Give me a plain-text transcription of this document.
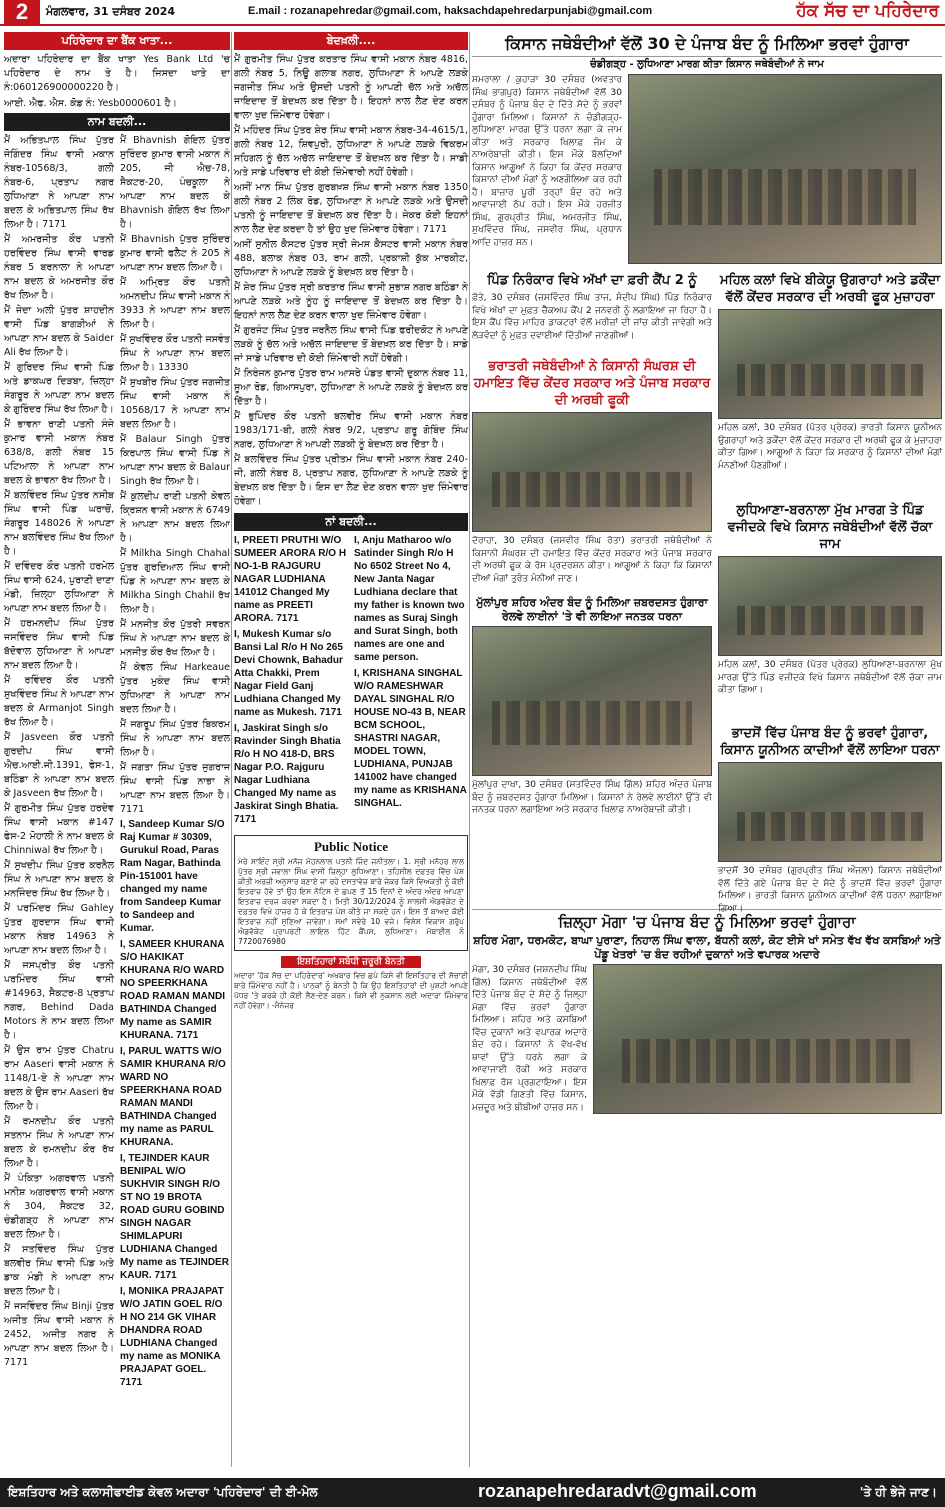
2	ਮੰਗਲਵਾਰ, 31 ਦਸੰਬਰ 2024	E.mail : rozanapehredar@gmail.com, haksachdapehredarpunjabi@gmail.com	ਹੱਕ ਸੱਚ ਦਾ ਪਹਿਰੇਦਾਰ
ਪਹਿਰੇਦਾਰ ਦਾ ਬੈਂਕ ਖਾਤਾ...

ਅਦਾਰਾ ਪਹਿਰੇਦਾਰ ਦਾ ਬੈਂਕ ਖਾਤਾ Yes Bank Ltd 'ਚ ਪਹਿਰੇਦਾਰ ਦੇ ਨਾਮ ਤੇ ਹੈ। ਜਿਸਦਾ ਖਾਤੇ ਦਾ ਨੰ:060126900000220 ਹੈ।

ਆਈ. ਐਫ. ਐਸ. ਕੋਡ ਨੰ: Yesb0000601 ਹੈ।

ਨਾਮ ਬਦਲੀ...

ਮੈਂ ਅਭਿਤਪਾਲ ਸਿੰਘ ਪੁੱਤਰ ਜੋਗਿੰਦਰ ਸਿੰਘ ਵਾਸੀ ਮਕਾਨ ਨੰਬਰ-10568/3, ਗਲੀ ਨੰਬਰ-6, ਪ੍ਰਤਾਪ ਨਗਰ ਲੁਧਿਆਣਾ ਨੇ ਆਪਣਾ ਨਾਮ ਬਦਲ ਕੇ ਅਭਿਤਪਾਲ ਸਿੰਘ ਰੱਖ ਲਿਆ ਹੈ। 7171

ਮੈਂ ਅਮਰਜੀਤ ਕੌਰ ਪਤਨੀ ਹਰਵਿੰਦਰ ਸਿੰਘ ਵਾਸੀ ਵਾਰਡ ਨੰਬਰ 5 ਬਰਨਾਲਾ ਨੇ ਆਪਣਾ ਨਾਮ ਬਦਲ ਕੇ ਅਮਰਜੀਤ ਕੌਰ ਰੱਖ ਲਿਆ ਹੈ।

ਮੈਂ ਜੇਦਾ ਅਲੀ ਪੁੱਤਰ ਸ਼ਾਹਦੀਨ ਵਾਸੀ ਪਿੰਡ ਬਾਗੜੀਆਂ ਨੇ ਆਪਣਾ ਨਾਮ ਬਦਲ ਕੇ Saider Ali ਰੱਖ ਲਿਆ ਹੈ।

ਮੈਂ ਗੁਰਿਦਰ ਸਿੰਘ ਵਾਸੀ ਪਿੰਡ ਅਤੇ ਡਾਕਘਰ ਦਿੜਬਾ, ਜ਼ਿਲ੍ਹਾ ਸੰਗਰੂਰ ਨੇ ਆਪਣਾ ਨਾਮ ਬਦਲ ਕੇ ਗੁਰਿੰਦਰ ਸਿੰਘ ਰੱਖ ਲਿਆ ਹੈ।

ਮੈਂ ਭਾਵਨਾ ਰਾਣੀ ਪਤਨੀ ਸੰਜੇ ਕੁਮਾਰ ਵਾਸੀ ਮਕਾਨ ਨੰਬਰ 638/8, ਗਲੀ ਨੰਬਰ 15 ਪਟਿਆਲਾ ਨੇ ਆਪਣਾ ਨਾਮ ਬਦਲ ਕੇ ਭਾਵਨਾ ਰੱਖ ਲਿਆ ਹੈ।

ਮੈਂ ਬਲਵਿੰਦਰ ਸਿੰਘ ਪੁੱਤਰ ਨਸੀਬ ਸਿੰਘ ਵਾਸੀ ਪਿੰਡ ਘਰਾਚੋਂ, ਸੰਗਰੂਰ 148026 ਨੇ ਆਪਣਾ ਨਾਮ ਬਲਵਿੰਦਰ ਸਿੰਘ ਰੱਖ ਲਿਆ ਹੈ।

ਮੈਂ ਦਵਿੰਦਰ ਕੌਰ ਪਤਨੀ ਹਰਮੇਲ ਸਿੰਘ ਵਾਸੀ 624, ਪੁਰਾਣੀ ਦਾਣਾ ਮੰਡੀ, ਜ਼ਿਲ੍ਹਾ ਲੁਧਿਆਣਾ ਨੇ ਆਪਣਾ ਨਾਮ ਬਦਲ ਲਿਆ ਹੈ।

ਮੈਂ ਹਰਮਨਦੀਪ ਸਿੰਘ ਪੁੱਤਰ ਜਸਵਿੰਦਰ ਸਿੰਘ ਵਾਸੀ ਪਿੰਡ ਬੱਦੋਵਾਲ ਲੁਧਿਆਣਾ ਨੇ ਆਪਣਾ ਨਾਮ ਬਦਲ ਲਿਆ ਹੈ।

ਮੈਂ ਰਵਿੰਦਰ ਕੌਰ ਪਤਨੀ ਸੁਖਵਿੰਦਰ ਸਿੰਘ ਨੇ ਆਪਣਾ ਨਾਮ ਬਦਲ ਕੇ Armanjot Singh ਰੱਖ ਲਿਆ ਹੈ।

ਮੈਂ Jasveen ਕੌਰ ਪਤਨੀ ਗੁਰਦੀਪ ਸਿੰਘ ਵਾਸੀ ਐਚ.ਆਈ.ਜੀ.1391, ਫੇਸ-1, ਬਠਿੰਡਾ ਨੇ ਆਪਣਾ ਨਾਮ ਬਦਲ ਕੇ Jasveen ਰੱਖ ਲਿਆ ਹੈ।

ਮੈਂ ਗੁਰਮੀਤ ਸਿੰਘ ਪੁੱਤਰ ਹਰਦੇਵ ਸਿੰਘ ਵਾਸੀ ਮਕਾਨ #147 ਫੇਸ-2 ਮੋਹਾਲੀ ਨੇ ਨਾਮ ਬਦਲ ਕੇ Chinniwal ਰੱਖ ਲਿਆ ਹੈ।

ਮੈਂ ਸੁਖਦੀਪ ਸਿੰਘ ਪੁੱਤਰ ਕਰਨੈਲ ਸਿੰਘ ਨੇ ਆਪਣਾ ਨਾਮ ਬਦਲ ਕੇ ਮਨਜਿੰਦਰ ਸਿੰਘ ਰੱਖ ਲਿਆ ਹੈ।

ਮੈਂ ਪਰਮਿੰਦਰ ਸਿੰਘ Gahley ਪੁੱਤਰ ਗੁਰਦਾਸ ਸਿੰਘ ਵਾਸੀ ਮਕਾਨ ਨੰਬਰ 14963 ਨੇ ਆਪਣਾ ਨਾਮ ਬਦਲ ਲਿਆ ਹੈ।

ਮੈਂ ਜਸਪ੍ਰੀਤ ਕੌਰ ਪਤਨੀ ਪਰਮਿੰਦਰ ਸਿੰਘ ਵਾਸੀ #14963, ਸੈਕਟਰ-8 ਪ੍ਰਤਾਪ ਨਗਰ, Behind Dada Motors ਨੇ ਨਾਮ ਬਦਲ ਲਿਆ ਹੈ।

ਮੈਂ ਉਸ ਰਾਮ ਪੁੱਤਰ Chatru ਰਾਮ Aaseri ਵਾਸੀ ਮਕਾਨ ਨੰ 1148/1-ਏ ਨੇ ਆਪਣਾ ਨਾਮ ਬਦਲ ਕੇ ਉਸ ਰਾਮ Aaseri ਰੱਖ ਲਿਆ ਹੈ।

ਮੈਂ ਰਮਨਦੀਪ ਕੌਰ ਪਤਨੀ ਸਤਨਾਮ ਸਿੰਘ ਨੇ ਆਪਣਾ ਨਾਮ ਬਦਲ ਕੇ ਰਮਨਦੀਪ ਕੌਰ ਰੱਖ ਲਿਆ ਹੈ।

ਮੈਂ ਪੰਕਿਤਾ ਅਗਰਵਾਲ ਪਤਨੀ ਮਨੀਸ਼ ਅਗਰਵਾਲ ਵਾਸੀ ਮਕਾਨ ਨੰ 304, ਸੈਕਟਰ 32, ਚੰਡੀਗੜ੍ਹ ਨੇ ਆਪਣਾ ਨਾਮ ਬਦਲ ਲਿਆ ਹੈ।

ਮੈਂ ਸਤਵਿੰਦਰ ਸਿੰਘ ਪੁੱਤਰ ਬਲਵੀਰ ਸਿੰਘ ਵਾਸੀ ਪਿੰਡ ਅਤੇ ਡਾਕ ਮੰਡੀ ਨੇ ਆਪਣਾ ਨਾਮ ਬਦਲ ਲਿਆ ਹੈ।

ਮੈਂ ਜਸਵਿੰਦਰ ਸਿੰਘ Binji ਪੁੱਤਰ ਅਜੀਤ ਸਿੰਘ ਵਾਸੀ ਮਕਾਨ ਨੰ 2452, ਅਜੀਤ ਨਗਰ ਨੇ ਆਪਣਾ ਨਾਮ ਬਦਲ ਲਿਆ ਹੈ। 7171

ਮੈਂ Bhavnish ਗੋਇਲ ਪੁੱਤਰ ਸੁਰਿੰਦਰ ਕੁਮਾਰ ਵਾਸੀ ਮਕਾਨ ਨੰ 205, ਜੀ ਐਚ-78, ਸੈਕਟਰ-20, ਪੰਚਕੂਲਾ ਨੇ ਆਪਣਾ ਨਾਮ ਬਦਲ ਕੇ Bhavnish ਗੋਇਲ ਰੱਖ ਲਿਆ ਹੈ।

ਮੈਂ Bhavnish ਪੁੱਤਰ ਸੁਰਿੰਦਰ ਕੁਮਾਰ ਵਾਸੀ ਫਲੈਟ ਨੰ 205 ਨੇ ਆਪਣਾ ਨਾਮ ਬਦਲ ਲਿਆ ਹੈ।

ਮੈਂ ਅਮ੍ਰਿਤ ਕੌਰ ਪਤਨੀ ਅਮਨਦੀਪ ਸਿੰਘ ਵਾਸੀ ਮਕਾਨ ਨੰ 3933 ਨੇ ਆਪਣਾ ਨਾਮ ਬਦਲ ਲਿਆ ਹੈ।

ਮੈਂ ਸੁਖਵਿੰਦਰ ਕੌਰ ਪਤਨੀ ਜਸਵੰਤ ਸਿੰਘ ਨੇ ਆਪਣਾ ਨਾਮ ਬਦਲ ਲਿਆ ਹੈ। 13330

ਮੈਂ ਸੁਖਬੀਰ ਸਿੰਘ ਪੁੱਤਰ ਜਗਜੀਤ ਸਿੰਘ ਵਾਸੀ ਮਕਾਨ ਨੰ 10568/17 ਨੇ ਆਪਣਾ ਨਾਮ ਬਦਲ ਲਿਆ ਹੈ।

ਮੈਂ Balaur Singh ਪੁੱਤਰ ਕਿਰਪਾਲ ਸਿੰਘ ਵਾਸੀ ਪਿੰਡ ਨੇ ਆਪਣਾ ਨਾਮ ਬਦਲ ਕੇ Balaur Singh ਰੱਖ ਲਿਆ ਹੈ।

ਮੈਂ ਕੁਲਦੀਪ ਰਾਣੀ ਪਤਨੀ ਕੇਵਲ ਕ੍ਰਿਸ਼ਨ ਵਾਸੀ ਮਕਾਨ ਨੰ 6749 ਨੇ ਆਪਣਾ ਨਾਮ ਬਦਲ ਲਿਆ ਹੈ।

ਮੈਂ Milkha Singh Chahal ਪੁੱਤਰ ਗੁਰਦਿਆਲ ਸਿੰਘ ਵਾਸੀ ਪਿੰਡ ਨੇ ਆਪਣਾ ਨਾਮ ਬਦਲ ਕੇ Milkha Singh Chahil ਰੱਖ ਲਿਆ ਹੈ।

ਮੈਂ ਮਨਜੀਤ ਕੌਰ ਪੁੱਤਰੀ ਸਵਰਨ ਸਿੰਘ ਨੇ ਆਪਣਾ ਨਾਮ ਬਦਲ ਕੇ ਮਨਜੀਤ ਕੌਰ ਰੱਖ ਲਿਆ ਹੈ।

ਮੈਂ ਕੇਵਲ ਸਿੰਘ Harkeaue ਪੁੱਤਰ ਮੁਕੰਦ ਸਿੰਘ ਵਾਸੀ ਲੁਧਿਆਣਾ ਨੇ ਆਪਣਾ ਨਾਮ ਬਦਲ ਲਿਆ ਹੈ।

ਮੈਂ ਜਗਰੂਪ ਸਿੰਘ ਪੁੱਤਰ ਬਿਕਰਮ ਸਿੰਘ ਨੇ ਆਪਣਾ ਨਾਮ ਬਦਲ ਲਿਆ ਹੈ।

ਮੈਂ ਜਗਤਾ ਸਿੰਘ ਪੁੱਤਰ ਜੁਗਰਾਜ ਸਿੰਘ ਵਾਸੀ ਪਿੰਡ ਨਾਭਾ ਨੇ ਆਪਣਾ ਨਾਮ ਬਦਲ ਲਿਆ ਹੈ। 7171

I, Sandeep Kumar S/O Raj Kumar # 30309, Gurukul Road, Paras Ram Nagar, Bathinda Pin-151001 have changed my name from Sandeep Kumar to Sandeep and Kumar.

I, SAMEER KHURANA S/O HAKIKAT KHURANA R/O WARD NO SPEERKHANA ROAD RAMAN MANDI BATHINDA Changed My name as SAMIR KHURANA. 7171

I, PARUL WATTS W/O SAMIR KHURANA R/O WARD NO SPEERKHANA ROAD RAMAN MANDI BATHINDA Changed my name as PARUL KHURANA.

I, TEJINDER KAUR BENIPAL W/O SUKHVIR SINGH R/O ST NO 19 BROTA ROAD GURU GOBIND SINGH NAGAR SHIMLAPURI LUDHIANA Changed My name as TEJINDER KAUR. 7171

I, MONIKA PRAJAPAT W/O JATIN GOEL R/O H NO 214 GK VIHAR DHANDRA ROAD LUDHIANA Changed my name as MONIKA PRAJAPAT GOEL. 7171

ਬੇਦਖ਼ਲੀ....

ਮੈਂ ਗੁਰਮੀਤ ਸਿੰਘ ਪੁੱਤਰ ਕਰਤਾਰ ਸਿੰਘ ਵਾਸੀ ਮਕਾਨ ਨੰਬਰ 4816, ਗਲੀ ਨੰਬਰ 5, ਨਿਊ ਗਲਾਬ ਨਗਰ, ਲੁਧਿਆਣਾ ਨੇ ਆਪਣੇ ਲੜਕੇ ਜਗਜੀਤ ਸਿੰਘ ਅਤੇ ਉਸਦੀ ਪਤਨੀ ਨੂੰ ਆਪਣੀ ਚੱਲ ਅਤੇ ਅਚੱਲ ਜਾਇਦਾਦ ਤੋਂ ਬੇਦਖ਼ਲ ਕਰ ਦਿੱਤਾ ਹੈ। ਇਹਨਾਂ ਨਾਲ ਲੈਣ ਦੇਣ ਕਰਨ ਵਾਲਾ ਖੁਦ ਜ਼ਿੰਮੇਵਾਰ ਹੋਵੇਗਾ।

ਮੈਂ ਮਹਿੰਦਰ ਸਿੰਘ ਪੁੱਤਰ ਸ਼ੇਰ ਸਿੰਘ ਵਾਸੀ ਮਕਾਨ ਨੰਬਰ-34-4615/1, ਗਲੀ ਨੰਬਰ 12, ਸ਼ਿਵਪੁਰੀ, ਲੁਧਿਆਣਾ ਨੇ ਆਪਣੇ ਲੜਕੇ ਵਿਕਰਮ ਸਹਿਗਲ ਨੂੰ ਚੱਲ ਅਚੱਲ ਜਾਇਦਾਦ ਤੋਂ ਬੇਦਖ਼ਲ ਕਰ ਦਿੱਤਾ ਹੈ। ਸਾਡੀ ਅਤੇ ਸਾਡੇ ਪਰਿਵਾਰ ਦੀ ਕੋਈ ਜ਼ਿੰਮੇਵਾਰੀ ਨਹੀਂ ਹੋਵੇਗੀ।

ਅਸੀਂ ਮਾਨ ਸਿੰਘ ਪੁੱਤਰ ਗੁਰਬਖ਼ਸ਼ ਸਿੰਘ ਵਾਸੀ ਮਕਾਨ ਨੰਬਰ 1350 ਗਲੀ ਨੰਬਰ 2 ਲਿੰਕ ਰੋਡ, ਲੁਧਿਆਣਾ ਨੇ ਆਪਣੇ ਲੜਕੇ ਅਤੇ ਉਸਦੀ ਪਤਨੀ ਨੂੰ ਜਾਇਦਾਦ ਤੋਂ ਬੇਦਖ਼ਲ ਕਰ ਦਿੱਤਾ ਹੈ। ਜੇਕਰ ਕੋਈ ਇਹਨਾਂ ਨਾਲ ਲੈਣ ਦੇਣ ਕਰਦਾ ਹੈ ਤਾਂ ਉਹ ਖੁਦ ਜ਼ਿੰਮੇਵਾਰ ਹੋਵੇਗਾ। 7171

ਅਸੀਂ ਸੁਨੀਲ ਕੈਸਟਰ ਪੁੱਤਰ ਸ੍ਰੀ ਜੇਮਸ ਕੈਸਟਰ ਵਾਸੀ ਮਕਾਨ ਨੰਬਰ 488, ਬਲਾਕ ਨੰਬਰ 03, ਰਾਮ ਗਲੀ, ਪ੍ਰਕਾਸ਼ੀ ਕੁੱਕ ਮਾਰਕੀਟ, ਲੁਧਿਆਣਾ ਨੇ ਆਪਣੇ ਲੜਕੇ ਨੂੰ ਬੇਦਖ਼ਲ ਕਰ ਦਿੱਤਾ ਹੈ।

ਮੈਂ ਸ਼ੇਰ ਸਿੰਘ ਪੁੱਤਰ ਸ੍ਰੀ ਕਰਤਾਰ ਸਿੰਘ ਵਾਸੀ ਸੁਭਾਸ਼ ਨਗਰ ਬਠਿੰਡਾ ਨੇ ਆਪਣੇ ਲੜਕੇ ਅਤੇ ਨੂੰਹ ਨੂੰ ਜਾਇਦਾਦ ਤੋਂ ਬੇਦਖ਼ਲ ਕਰ ਦਿੱਤਾ ਹੈ। ਇਹਨਾਂ ਨਾਲ ਲੈਣ ਦੇਣ ਕਰਨ ਵਾਲਾ ਖੁਦ ਜ਼ਿੰਮੇਵਾਰ ਹੋਵੇਗਾ।

ਮੈਂ ਗੁਰਜੰਟ ਸਿੰਘ ਪੁੱਤਰ ਜਰਨੈਲ ਸਿੰਘ ਵਾਸੀ ਪਿੰਡ ਫਰੀਦਕੋਟ ਨੇ ਆਪਣੇ ਲੜਕੇ ਨੂੰ ਚੱਲ ਅਤੇ ਅਚੱਲ ਜਾਇਦਾਦ ਤੋਂ ਬੇਦਖ਼ਲ ਕਰ ਦਿੱਤਾ ਹੈ। ਸਾਡੇ ਜਾਂ ਸਾਡੇ ਪਰਿਵਾਰ ਦੀ ਕੋਈ ਜ਼ਿੰਮੇਵਾਰੀ ਨਹੀਂ ਹੋਵੇਗੀ।

ਮੈਂ ਨਿਰੰਜਨ ਕੁਮਾਰ ਪੁੱਤਰ ਰਾਮ ਆਸਰੇ ਪੰਡਤ ਵਾਸੀ ਦੁਕਾਨ ਨੰਬਰ 11, ਸੂਆ ਰੋਡ, ਗਿਆਸਪੁਰਾ, ਲੁਧਿਆਣਾ ਨੇ ਆਪਣੇ ਲੜਕੇ ਨੂੰ ਬੇਦਖ਼ਲ ਕਰ ਦਿੱਤਾ ਹੈ।

ਮੈਂ ਭੁਪਿੰਦਰ ਕੌਰ ਪਤਨੀ ਬਲਵੀਰ ਸਿੰਘ ਵਾਸੀ ਮਕਾਨ ਨੰਬਰ 1983/171-ਬੀ, ਗਲੀ ਨੰਬਰ 9/2, ਪ੍ਰਤਾਪ ਗਰੂ ਗੋਬਿੰਦ ਸਿੰਘ ਨਗਰ, ਲੁਧਿਆਣਾ ਨੇ ਆਪਣੀ ਲੜਕੀ ਨੂੰ ਬੇਦਖ਼ਲ ਕਰ ਦਿੱਤਾ ਹੈ।

ਮੈਂ ਬਲਵਿੰਦਰ ਸਿੰਘ ਪੁੱਤਰ ਪ੍ਰੀਤਮ ਸਿੰਘ ਵਾਸੀ ਮਕਾਨ ਨੰਬਰ 240-ਜੀ, ਗਲੀ ਨੰਬਰ 8, ਪ੍ਰਤਾਪ ਨਗਰ, ਲੁਧਿਆਣਾ ਨੇ ਆਪਣੇ ਲੜਕੇ ਨੂੰ ਬੇਦਖ਼ਲ ਕਰ ਦਿੱਤਾ ਹੈ। ਇਸ ਦਾ ਲੈਣ ਦੇਣ ਕਰਨ ਵਾਲਾ ਖੁਦ ਜ਼ਿੰਮੇਵਾਰ ਹੋਵੇਗਾ।

ਨਾਂ ਬਦਲੀ...

I, PREETI PRUTHI W/O SUMEER ARORA R/O H NO-1-B RAJGURU NAGAR LUDHIANA 141012 Changed My name as PREETI ARORA. 7171

I, Mukesh Kumar s/o Bansi Lal R/o H No 265 Devi Chownk, Bahadur Atta Chakki, Prem Nagar Field Ganj Ludhiana Changed My name as Mukesh. 7171

I, Jaskirat Singh s/o Ravinder Singh Bhatia R/o H NO 418-D, BRS Nagar P.O. Rajguru Nagar Ludhiana Changed My name as Jaskirat Singh Bhatia. 7171

I, Anju Matharoo w/o Satinder Singh R/o H No 6502 Street No 4, New Janta Nagar Ludhiana declare that my father is known two names as Suraj Singh and Surat Singh, both names are one and same person.

I, KRISHANA SINGHAL W/O RAMESHWAR DAYAL SINGHAL R/O HOUSE NO-43 B, NEAR BCM SCHOOL, SHASTRI NAGAR, MODEL TOWN, LUDHIANA, PUNJAB 141002 have changed my name as KRISHANA SINGHAL.

Public Notice
ਮੇਰੇ ਸਾਇੰਟ ਸ੍ਰੀ ਮਨੋਜ ਮੋਹਨਲਾਲ ਪਤਨੀ ਜਿੰਦ ਜਨੀਤਲਾ। 1. ਸ੍ਰੀ ਮਨੋਹਰ ਲਾਲ ਪੁੱਤਰ ਸ੍ਰੀ ਜਵਾਲਾ ਸਿੰਘ ਵਾਸੀ ਜ਼ਿਲ੍ਹਾ ਲੁਧਿਆਣਾ। ਤਹਿਸੀਲ ਦਫ਼ਤਰ ਵਿੱਚ ਪੇਸ਼ ਕੀਤੀ ਅਰਜ਼ੀ ਅਨੁਸਾਰ ਬਣਾਏ ਜਾ ਰਹੇ ਦਸਤਾਵੇਜ਼ ਬਾਰੇ ਜੇਕਰ ਕਿਸੇ ਵਿਅਕਤੀ ਨੂੰ ਕੋਈ ਇਤਰਾਜ਼ ਹੋਵੇ ਤਾਂ ਉਹ ਇਸ ਨੋਟਿਸ ਦੇ ਛਪਣ ਤੋਂ 15 ਦਿਨਾਂ ਦੇ ਅੰਦਰ ਅੰਦਰ ਆਪਣਾ ਇਤਰਾਜ਼ ਦਰਜ ਕਰਵਾ ਸਕਦਾ ਹੈ। ਮਿਤੀ 30/12/2024 ਨੂੰ ਸਾਲਸੀ ਐਡਵੋਕੇਟ ਦੇ ਦਫ਼ਤਰ ਵਿਖੇ ਹਾਜ਼ਰ ਹੋ ਕੇ ਇਤਰਾਜ਼ ਪੇਸ਼ ਕੀਤੇ ਜਾ ਸਕਦੇ ਹਨ। ਇਸ ਤੋਂ ਬਾਅਦ ਕੋਈ ਇਤਰਾਜ਼ ਨਹੀਂ ਸੁਣਿਆ ਜਾਵੇਗਾ। ਸਮਾਂ ਸਵੇਰੇ 10 ਵਜੇ। ਵਿਸ਼ੇਸ਼ ਵਿਕਾਸ ਗਰੁੱਪ ਐਡਵੋਕੇਟ ਪ੍ਰਾਪਰਟੀ ਲਾਇਲ ਹਿੱਟ ਕੈਂਪਸ, ਲੁਧਿਆਣਾ। ਮੋਬਾਈਲ ਨੰ 7720076980
ਇਸ਼ਤਿਹਾਰਾਂ ਸਬੰਧੀ ਜ਼ਰੂਰੀ ਬੇਨਤੀ
ਅਦਾਰਾ 'ਹੱਕ ਸੱਚ ਦਾ ਪਹਿਰੇਦਾਰ' ਅਖਬਾਰ ਵਿਚ ਛਪੇ ਕਿਸੇ ਵੀ ਇਸ਼ਤਿਹਾਰ ਦੀ ਸੱਚਾਈ ਬਾਰੇ ਜ਼ਿੰਮੇਵਾਰ ਨਹੀਂ ਹੈ। ਪਾਠਕਾਂ ਨੂੰ ਬੇਨਤੀ ਹੈ ਕਿ ਉਹ ਇਸ਼ਤਿਹਾਰਾਂ ਦੀ ਪੁਸ਼ਟੀ ਆਪਣੇ ਪੱਧਰ 'ਤੇ ਕਰਕੇ ਹੀ ਕੋਈ ਲੈਣ-ਦੇਣ ਕਰਨ। ਕਿਸੇ ਵੀ ਨੁਕਸਾਨ ਲਈ ਅਦਾਰਾ ਜ਼ਿੰਮੇਵਾਰ ਨਹੀਂ ਹੋਵੇਗਾ। -ਮੈਨੇਜਰ
ਕਿਸਾਨ ਜਥੇਬੰਦੀਆਂ ਵੱਲੋਂ 30 ਦੇ ਪੰਜਾਬ ਬੰਦ ਨੂੰ ਮਿਲਿਆ ਭਰਵਾਂ ਹੁੰਗਾਰਾ
ਚੰਡੀਗੜ੍ਹ - ਲੁਧਿਆਣਾ ਮਾਰਗ ਕੀਤਾ ਕਿਸਾਨ ਜਥੇਬੰਦੀਆਂ ਨੇ ਜਾਮ
ਸਮਰਾਲਾ / ਕੁਹਾੜਾ 30 ਦਸੰਬਰ (ਅਵਤਾਰ ਸਿੰਘ ਭਾਗਪੁਰ) ਕਿਸਾਨ ਜਥੇਬੰਦੀਆਂ ਵੱਲੋਂ 30 ਦਸੰਬਰ ਨੂੰ ਪੰਜਾਬ ਬੰਦ ਦੇ ਦਿੱਤੇ ਸੱਦੇ ਨੂੰ ਭਰਵਾਂ ਹੁੰਗਾਰਾ ਮਿਲਿਆ। ਕਿਸਾਨਾਂ ਨੇ ਚੰਡੀਗੜ੍ਹ-ਲੁਧਿਆਣਾ ਮਾਰਗ ਉੱਤੇ ਧਰਨਾ ਲਗਾ ਕੇ ਜਾਮ ਕੀਤਾ ਅਤੇ ਸਰਕਾਰ ਖਿਲਾਫ਼ ਜੰਮ ਕੇ ਨਾਅਰੇਬਾਜ਼ੀ ਕੀਤੀ। ਇਸ ਮੌਕੇ ਬੋਲਦਿਆਂ ਕਿਸਾਨ ਆਗੂਆਂ ਨੇ ਕਿਹਾ ਕਿ ਕੇਂਦਰ ਸਰਕਾਰ ਕਿਸਾਨਾਂ ਦੀਆਂ ਮੰਗਾਂ ਨੂੰ ਅਣਗੌਲਿਆ ਕਰ ਰਹੀ ਹੈ। ਬਾਜ਼ਾਰ ਪੂਰੀ ਤਰ੍ਹਾਂ ਬੰਦ ਰਹੇ ਅਤੇ ਆਵਾਜਾਈ ਠੱਪ ਰਹੀ। ਇਸ ਮੌਕੇ ਹਰਜੀਤ ਸਿੰਘ, ਗੁਰਪ੍ਰੀਤ ਸਿੰਘ, ਅਮਰਜੀਤ ਸਿੰਘ, ਸੁਖਵਿੰਦਰ ਸਿੰਘ, ਜਸਵੀਰ ਸਿੰਘ, ਪ੍ਰਧਾਨ ਆਦਿ ਹਾਜ਼ਰ ਸਨ।
ਪਿੰਡ ਨਿਰੰਕਾਰ ਵਿਖੇ ਅੱਖਾਂ ਦਾ ਫ਼ਰੀ ਕੈਂਪ 2 ਨੂੰ
ਫ਼ੱਤੇ, 30 ਦਸੰਬਰ (ਜਸਵਿੰਦਰ ਸਿੰਘ ਤਾਜ, ਸੰਦੀਪ ਸਿੰਘ) ਪਿੰਡ ਨਿਰੰਕਾਰ ਵਿਖੇ ਅੱਖਾਂ ਦਾ ਮੁਫ਼ਤ ਚੈੱਕਅਪ ਕੈਂਪ 2 ਜਨਵਰੀ ਨੂੰ ਲਗਾਇਆ ਜਾ ਰਿਹਾ ਹੈ। ਇਸ ਕੈਂਪ ਵਿੱਚ ਮਾਹਿਰ ਡਾਕਟਰਾਂ ਵੱਲੋਂ ਮਰੀਜ਼ਾਂ ਦੀ ਜਾਂਚ ਕੀਤੀ ਜਾਵੇਗੀ ਅਤੇ ਲੋੜਵੰਦਾਂ ਨੂੰ ਮੁਫ਼ਤ ਦਵਾਈਆਂ ਦਿੱਤੀਆਂ ਜਾਣਗੀਆਂ।
ਭਰਾਤਰੀ ਜਥੇਬੰਦੀਆਂ ਨੇ ਕਿਸਾਨੀ ਸੰਘਰਸ਼ ਦੀ ਹਮਾਇਤ ਵਿੱਚ ਕੇਂਦਰ ਸਰਕਾਰ ਅਤੇ ਪੰਜਾਬ ਸਰਕਾਰ ਦੀ ਅਰਥੀ ਫੂਕੀ
ਦੋਰਾਹਾ, 30 ਦਸੰਬਰ (ਜਸਵੀਰ ਸਿੰਘ ਰੋਤਾ) ਭਰਾਤਰੀ ਜਥੇਬੰਦੀਆਂ ਨੇ ਕਿਸਾਨੀ ਸੰਘਰਸ਼ ਦੀ ਹਮਾਇਤ ਵਿੱਚ ਕੇਂਦਰ ਸਰਕਾਰ ਅਤੇ ਪੰਜਾਬ ਸਰਕਾਰ ਦੀ ਅਰਥੀ ਫੂਕ ਕੇ ਰੋਸ ਪ੍ਰਦਰਸ਼ਨ ਕੀਤਾ। ਆਗੂਆਂ ਨੇ ਕਿਹਾ ਕਿ ਕਿਸਾਨਾਂ ਦੀਆਂ ਮੰਗਾਂ ਤੁਰੰਤ ਮੰਨੀਆਂ ਜਾਣ।
ਮੁੱਲਾਂਪੁਰ ਸ਼ਹਿਰ ਅੰਦਰ ਬੰਦ ਨੂੰ ਮਿਲਿਆ ਜ਼ਬਰਦਸਤ ਹੁੰਗਾਰਾ ਰੇਲਵੇ ਲਾਈਨਾਂ 'ਤੇ ਵੀ ਲਾਇਆ ਜਨਤਕ ਧਰਨਾ
ਮੁੱਲਾਂਪੁਰ ਦਾਖਾ, 30 ਦਸੰਬਰ (ਸਤਵਿੰਦਰ ਸਿੰਘ ਗਿੱਲ) ਸ਼ਹਿਰ ਅੰਦਰ ਪੰਜਾਬ ਬੰਦ ਨੂੰ ਜ਼ਬਰਦਸਤ ਹੁੰਗਾਰਾ ਮਿਲਿਆ। ਕਿਸਾਨਾਂ ਨੇ ਰੇਲਵੇ ਲਾਈਨਾਂ ਉੱਤੇ ਵੀ ਜਨਤਕ ਧਰਨਾ ਲਗਾਇਆ ਅਤੇ ਸਰਕਾਰ ਖਿਲਾਫ਼ ਨਾਅਰੇਬਾਜ਼ੀ ਕੀਤੀ।
ਮਹਿਲ ਕਲਾਂ ਵਿਖੇ ਬੀਕੇਯੂ ਉਗਰਾਹਾਂ ਅਤੇ ਡਕੌਂਦਾ ਵੱਲੋਂ ਕੇਂਦਰ ਸਰਕਾਰ ਦੀ ਅਰਥੀ ਫੂਕ ਮੁਜ਼ਾਹਰਾ
ਮਹਿਲ ਕਲਾਂ, 30 ਦਸੰਬਰ (ਪੱਤਰ ਪ੍ਰੇਰਕ) ਭਾਰਤੀ ਕਿਸਾਨ ਯੂਨੀਅਨ ਉਗਰਾਹਾਂ ਅਤੇ ਡਕੌਂਦਾ ਵੱਲੋਂ ਕੇਂਦਰ ਸਰਕਾਰ ਦੀ ਅਰਥੀ ਫੂਕ ਕੇ ਮੁਜ਼ਾਹਰਾ ਕੀਤਾ ਗਿਆ। ਆਗੂਆਂ ਨੇ ਕਿਹਾ ਕਿ ਸਰਕਾਰ ਨੂੰ ਕਿਸਾਨਾਂ ਦੀਆਂ ਮੰਗਾਂ ਮੰਨਣੀਆਂ ਪੈਣਗੀਆਂ।
ਲੁਧਿਆਣਾ-ਬਰਨਾਲਾ ਮੁੱਖ ਮਾਰਗ ਤੇ ਪਿੰਡ ਵਜੀਦਕੇ ਵਿਖੇ ਕਿਸਾਨ ਜਥੇਬੰਦੀਆਂ ਵੱਲੋਂ ਚੱਕਾ ਜਾਮ
ਮਹਿਲ ਕਲਾਂ, 30 ਦਸੰਬਰ (ਪੱਤਰ ਪ੍ਰੇਰਕ) ਲੁਧਿਆਣਾ-ਬਰਨਾਲਾ ਮੁੱਖ ਮਾਰਗ ਉੱਤੇ ਪਿੰਡ ਵਜੀਦਕੇ ਵਿਖੇ ਕਿਸਾਨ ਜਥੇਬੰਦੀਆਂ ਵੱਲੋਂ ਚੱਕਾ ਜਾਮ ਕੀਤਾ ਗਿਆ।
ਭਾਦਸੋਂ ਵਿੱਚ ਪੰਜਾਬ ਬੰਦ ਨੂੰ ਭਰਵਾਂ ਹੁੰਗਾਰਾ, ਕਿਸਾਨ ਯੂਨੀਅਨ ਕਾਦੀਆਂ ਵੱਲੋਂ ਲਾਇਆ ਧਰਨਾ
ਭਾਦਸੋਂ 30 ਦਸੰਬਰ (ਗੁਰਪ੍ਰੀਤ ਸਿੰਘ ਔਜਲਾ) ਕਿਸਾਨ ਜਥੇਬੰਦੀਆਂ ਵੱਲੋਂ ਦਿੱਤੇ ਗਏ ਪੰਜਾਬ ਬੰਦ ਦੇ ਸੱਦੇ ਨੂੰ ਭਾਦਸੋਂ ਵਿੱਚ ਭਰਵਾਂ ਹੁੰਗਾਰਾ ਮਿਲਿਆ। ਭਾਰਤੀ ਕਿਸਾਨ ਯੂਨੀਅਨ ਕਾਦੀਆਂ ਵੱਲੋਂ ਧਰਨਾ ਲਗਾਇਆ ਗਿਆ।
ਜ਼ਿਲ੍ਹਾ ਮੋਗਾ 'ਚ ਪੰਜਾਬ ਬੰਦ ਨੂੰ ਮਿਲਿਆ ਭਰਵਾਂ ਹੁੰਗਾਰਾ
ਸ਼ਹਿਰ ਮੋਗਾ, ਧਰਮਕੋਟ, ਬਾਘਾ ਪੁਰਾਣਾ, ਨਿਹਾਲ ਸਿੰਘ ਵਾਲਾ, ਬੱਧਨੀ ਕਲਾਂ, ਕੋਟ ਈਸੇ ਖਾਂ ਸਮੇਤ ਵੱਖ ਵੱਖ ਕਸਬਿਆਂ ਅਤੇ ਪੇਂਡੂ ਖੇਤਰਾਂ 'ਚ ਬੰਦ ਰਹੀਆਂ ਦੁਕਾਨਾਂ ਅਤੇ ਵਪਾਰਕ ਅਦਾਰੇ
ਮੋਗਾ, 30 ਦਸੰਬਰ (ਜਸ਼ਨਦੀਪ ਸਿੰਘ ਗਿੱਲ) ਕਿਸਾਨ ਜਥੇਬੰਦੀਆਂ ਵੱਲੋਂ ਦਿੱਤੇ ਪੰਜਾਬ ਬੰਦ ਦੇ ਸੱਦੇ ਨੂੰ ਜ਼ਿਲ੍ਹਾ ਮੋਗਾ ਵਿੱਚ ਭਰਵਾਂ ਹੁੰਗਾਰਾ ਮਿਲਿਆ। ਸ਼ਹਿਰ ਅਤੇ ਕਸਬਿਆਂ ਵਿੱਚ ਦੁਕਾਨਾਂ ਅਤੇ ਵਪਾਰਕ ਅਦਾਰੇ ਬੰਦ ਰਹੇ। ਕਿਸਾਨਾਂ ਨੇ ਵੱਖ-ਵੱਖ ਥਾਵਾਂ ਉੱਤੇ ਧਰਨੇ ਲਗਾ ਕੇ ਆਵਾਜਾਈ ਰੋਕੀ ਅਤੇ ਸਰਕਾਰ ਖਿਲਾਫ਼ ਰੋਸ ਪ੍ਰਗਟਾਇਆ। ਇਸ ਮੌਕੇ ਵੱਡੀ ਗਿਣਤੀ ਵਿੱਚ ਕਿਸਾਨ, ਮਜ਼ਦੂਰ ਅਤੇ ਬੀਬੀਆਂ ਹਾਜ਼ਰ ਸਨ।
ਇਸ਼ਤਿਹਾਰ ਅਤੇ ਕਲਾਸੀਫਾਈਡ ਕੇਵਲ ਅਦਾਰਾ 'ਪਹਿਰੇਦਾਰ' ਦੀ ਈ-ਮੇਲ	rozanapehredaradvt@gmail.com	'ਤੇ ਹੀ ਭੇਜੇ ਜਾਣ।
